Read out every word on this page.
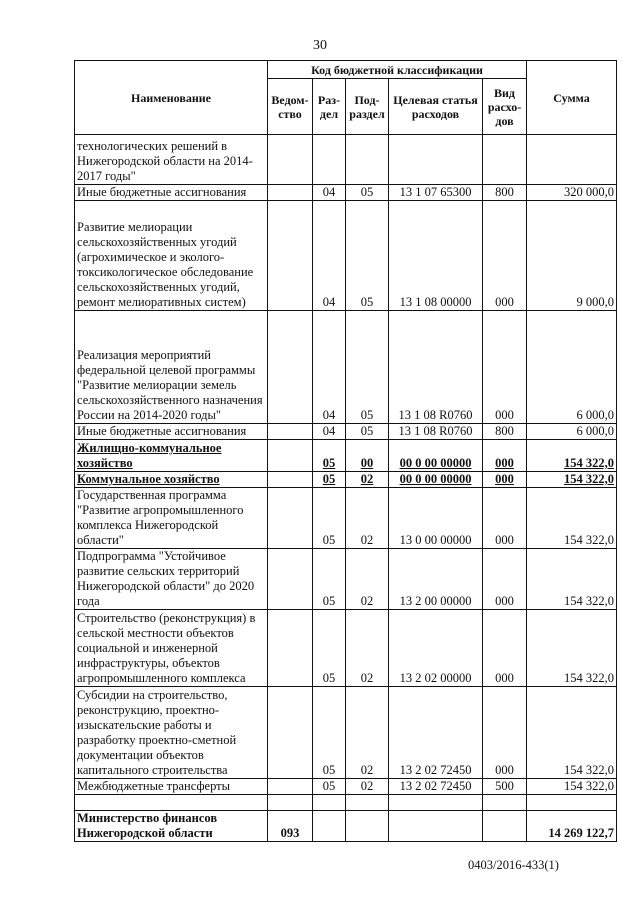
30
Наименование	Код бюджетной классификации					Сумма
	Ведом-ство	Раз-дел	Под-раздел	Целевая статья расходов	Вид расхо-дов	
технологических решений в Нижегородской области на 2014-2017 годы"						
Иные бюджетные ассигнования		04	05	13 1 07 65300	800	320 000,0
Развитие мелиорации сельскохозяйственных угодий (агрохимическое и эколого-токсикологическое обследование сельскохозяйственных угодий, ремонт мелиоративных систем)		04	05	13 1 08 00000	000	9 000,0
Реализация мероприятий федеральной целевой программы "Развитие мелиорации земель сельскохозяйственного назначения России на 2014-2020 годы"		04	05	13 1 08 R0760	000	6 000,0
Иные бюджетные ассигнования		04	05	13 1 08 R0760	800	6 000,0
Жилищно-коммунальное хозяйство		05	00	00 0 00 00000	000	154 322,0
Коммунальное хозяйство		05	02	00 0 00 00000	000	154 322,0
Государственная программа "Развитие агропромышленного комплекса Нижегородской области"		05	02	13 0 00 00000	000	154 322,0
Подпрограмма "Устойчивое развитие сельских территорий Нижегородской области" до 2020 года		05	02	13 2 00 00000	000	154 322,0
Строительство (реконструкция) в сельской местности объектов социальной и инженерной инфраструктуры, объектов агропромышленного комплекса		05	02	13 2 02 00000	000	154 322,0
Субсидии на строительство, реконструкцию, проектно-изыскательские работы и разработку проектно-сметной документации объектов капитального строительства		05	02	13 2 02 72450	000	154 322,0
Межбюджетные трансферты		05	02	13 2 02 72450	500	154 322,0

Министерство финансов Нижегородской области	093					14 269 122,7
0403/2016-433(1)
